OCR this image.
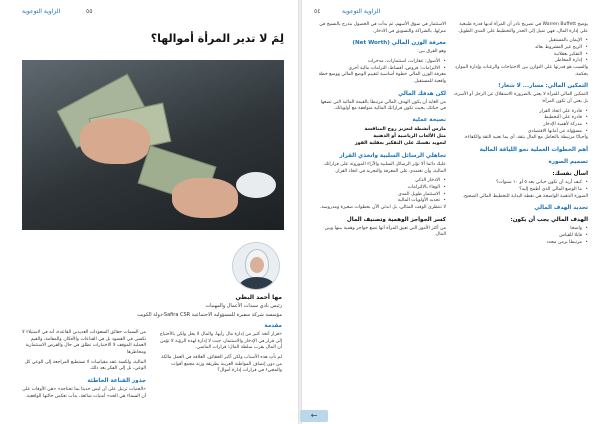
الزاوية التوعوية	٥٥
لِمَ لا تدير المرأة أموالها؟
مها أحمد البطي
رئيس نادي سيدات الأعمال والمهنيات
مؤسسة شركة سفيرة للمسؤولية الاجتماعية Safira CSR-دولة الكويت

من السمات حقائق السعودات العديدين القاعدة، أنه في لاستيلاء لا تكسي في الفضود بل في القناعات والأفكار، والمقامة، والقيم العملية الموقف لا الاختبارات تطلق في حال والفرص الاستثمارية ومخاطرها

المالية، ولكسة عقد مقياسات لا تستطيع المراجعة إلى الوعي كل الوعي، بل إلى الفكر بعد ذلك.

جذور القناعة الخاطئة

«الجنيات ترتبل على أن ليس حديثا بما تحتاجه» «هي الأوقات على أن السماء هي الحد» أمنيات شائعة، بدأت تعكس حالتها الواقعية.

مقدمة

«قرار أتخذ كثير من إدارة مال رأيها، والمال لا يحل ولكن بالأحتياج إلى قرار في الإدخار والاستثمار، حيث لا إدارة لهذه الرؤية لا تؤمن أن المال يقرب سلطة المال؛ قرارات الماضي.

لم تأتِ هذه الأسباب ولكن أكبر الحقائق، العلاقة في العمل مالكة من دون إنصاف المواطنة العربية بطريقة وزنة مجمع أقوات والمجيء في قرارات إدارة أموال؟

الزاوية التوعوية
٥٤

الاستثمار في سوق الأسهم، ثم بدأت في الحصول بتدرج بالنسيج في منزلها، بالشراكة والتسويق في الادخار.

معرفة الوزن المالي (Net Worth)

وهو الفرق بين:

• الأصول: عقارات، استثمارات، مدخرات
• الالتزامات: قروض، أقساط، التزامات مالية أخرى

معرفة الوزن المالي خطوة أساسية لتقييم الوضع المالي ووضع خطة واقعية للمستقبل.

لكن هدفك المالي

من الغاية أن يكون الهدف المالي مرتبطا بالقيمة المالية التي تضعها في حياتك، بحيث تكون قراراتك المالية متوافقة مع أولوياتك.

نصيحة عملية
مارس أنشطة لتعزيز روح المنافسة
مثل الألعاب الرياضية أو الذهنية
لتعويد نفسك على التفكير بعقلية الفوز
تجاهلي الرسائل السلبية واتخذي القرار

عليك دائما ألا تؤثر الرسائل السلبية والآراء الموروثة على قراراتك المالية، وأن تعتمدي على المعرفة والتجربة في اتخاذ القرار.

• الادخار الذكي
• الوفاء بالالتزامات
• الاستثمار طويل المدى
• تحديد الأولويات المالية

لا تنتظري الوقت المثالي، بل ابدئي الآن بخطوات صغيرة ومدروسة.

كسر الحواجز الوهمية وتصنيف المال

من أكثر الأمور التي تعيق المرأة أنها تضع حواجز وهمية بينها وبين المال.

يوضح Warren Buffett في تصريح نادر أن المرأة لديها قدرة طبيعية على إدارة المال، فهي تميل إلى الحذر والتخطيط على المدى الطويل.

• الإيمان بالمستقبل
• الربح غير المشروط بعائد
• التفكير بعقلانية
• إدارة المخاطر

والسبب هو قدرتها على التوازن بين الاحتياجات والرغبات وإدارة الموارد بحكمة.

التمكين المالي: مسار... لا شعار!

التمكين المالي للمرأة لا يعني بالضرورة الاستقلال عن الرجل أو الأسرة، بل يعني أن تكون المرأة:

• قادرة على اتخاذ القرار
• قادرة على التخطيط
• مدركة لأهمية الإدخار
• مسؤولة عن أمانها الاقتصادي

وأحيانًا مرتبطة بالتعامل مع المال بثقة، أي بما تعنيه الثقة والكفاءة.

أهم الخطوات العملية نحو اللياقة المالية
تصميم الصورة
اسأل نفسك:
• كيف أريد أن تكون حياتي بعد ٥ أو ١٠ سنوات؟
• ما الوضع المالي الذي أطمح إليه؟

الصورة الذهنية الواضحة هي نقطة البداية للتخطيط المالي الصحيح.

تحديد الهدف المالي
الهدف المالي يجب أن يكون:
• واضحا
• قابلا للقياس
• مرتبطا بزمن محدد
←
